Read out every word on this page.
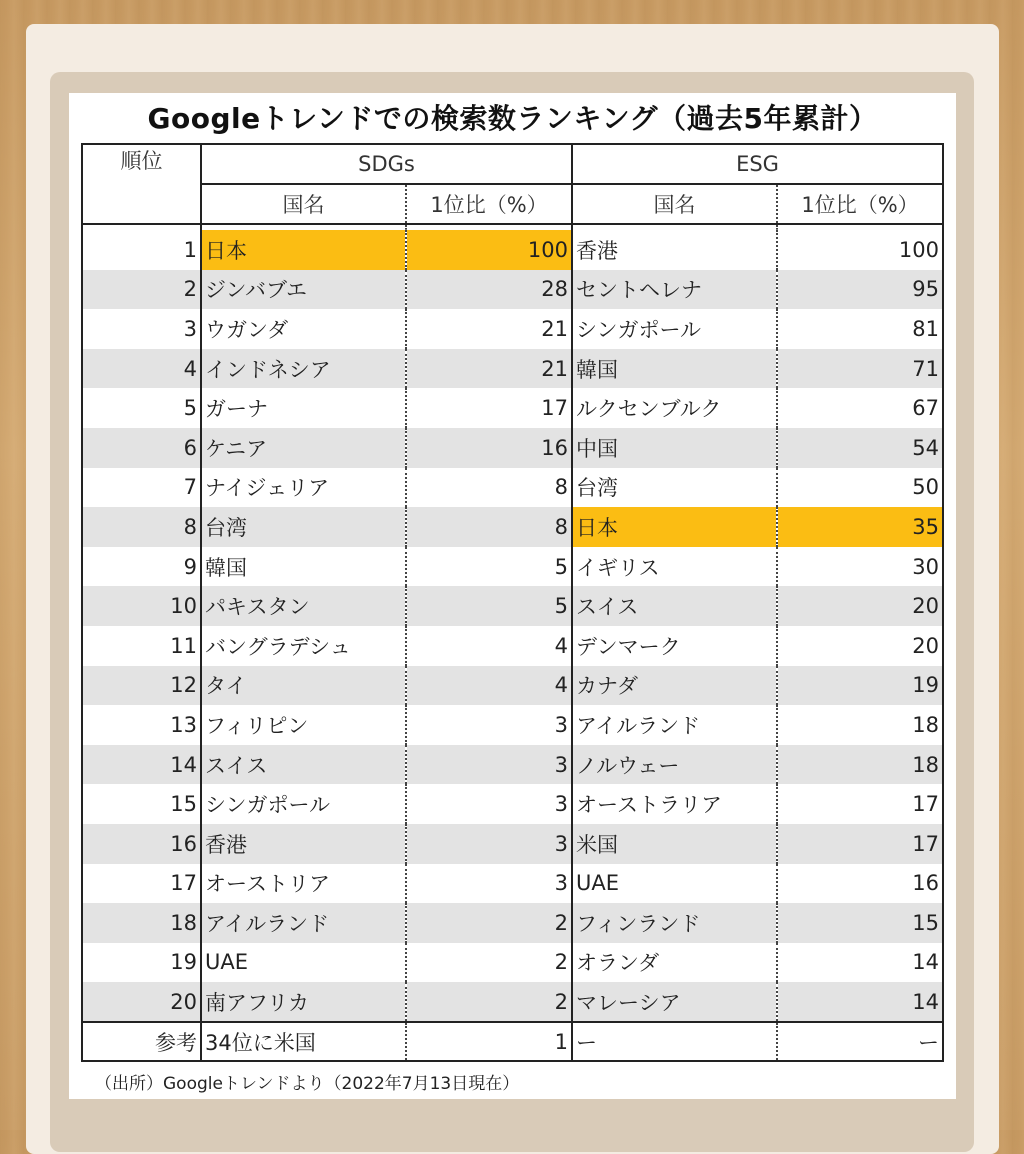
Googleトレンドでの検索数ランキング（過去5年累計）
順位	SDGs		ESG	
	国名	1位比（%）	国名	1位比（%）

1	日本	100	香港	100
2	ジンバブエ	28	セントヘレナ	95
3	ウガンダ	21	シンガポール	81
4	インドネシア	21	韓国	71
5	ガーナ	17	ルクセンブルク	67
6	ケニア	16	中国	54
7	ナイジェリア	8	台湾	50
8	台湾	8	日本	35
9	韓国	5	イギリス	30
10	パキスタン	5	スイス	20
11	バングラデシュ	4	デンマーク	20
12	タイ	4	カナダ	19
13	フィリピン	3	アイルランド	18
14	スイス	3	ノルウェー	18
15	シンガポール	3	オーストラリア	17
16	香港	3	米国	17
17	オーストリア	3	UAE	16
18	アイルランド	2	フィンランド	15
19	UAE	2	オランダ	14
20	南アフリカ	2	マレーシア	14
参考	34位に米国	1	ー	ー
（出所）Googleトレンドより（2022年7月13日現在）
